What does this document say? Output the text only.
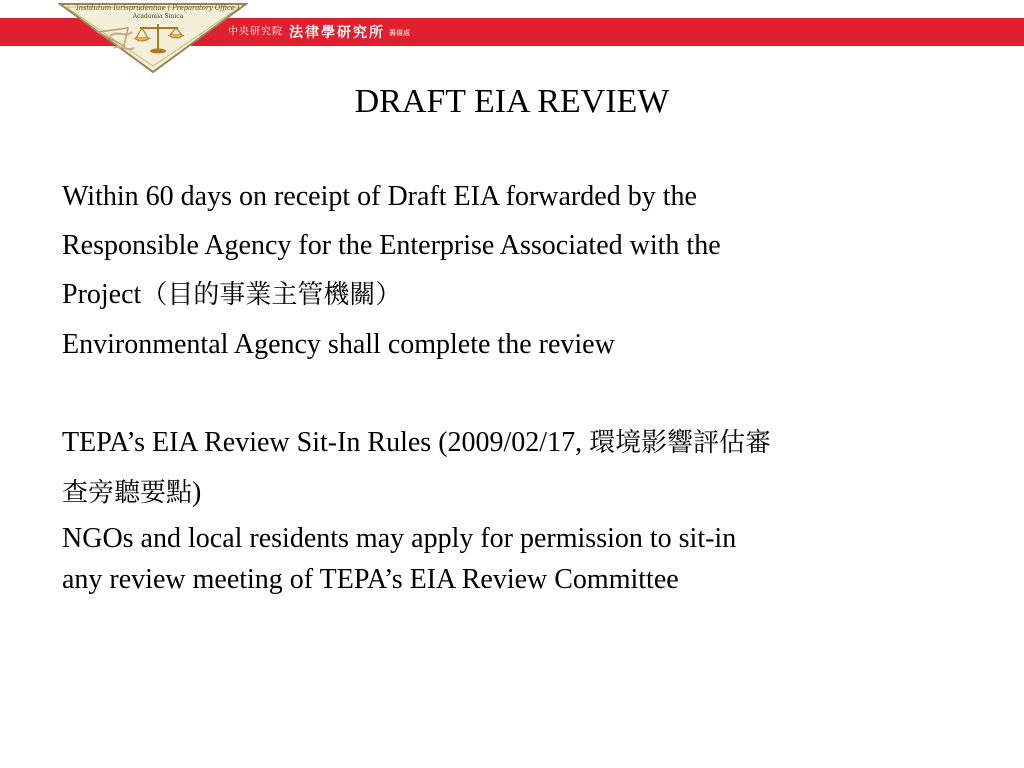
中央研究院 法律學研究所 籌備處
Institutum Iurisprudentiae ( Preparatory Office )
Academia Sinica
DRAFT EIA REVIEW

Within 60 days on receipt of Draft EIA forwarded by the

Responsible Agency for the Enterprise Associated with the

Project（目的事業主管機關）

Environmental Agency shall complete the review

TEPA’s EIA Review Sit-In Rules (2009/02/17, 環境影響評估審

查旁聽要點)

NGOs and local residents may apply for permission to sit-in
any review meeting of TEPA’s EIA Review Committee
